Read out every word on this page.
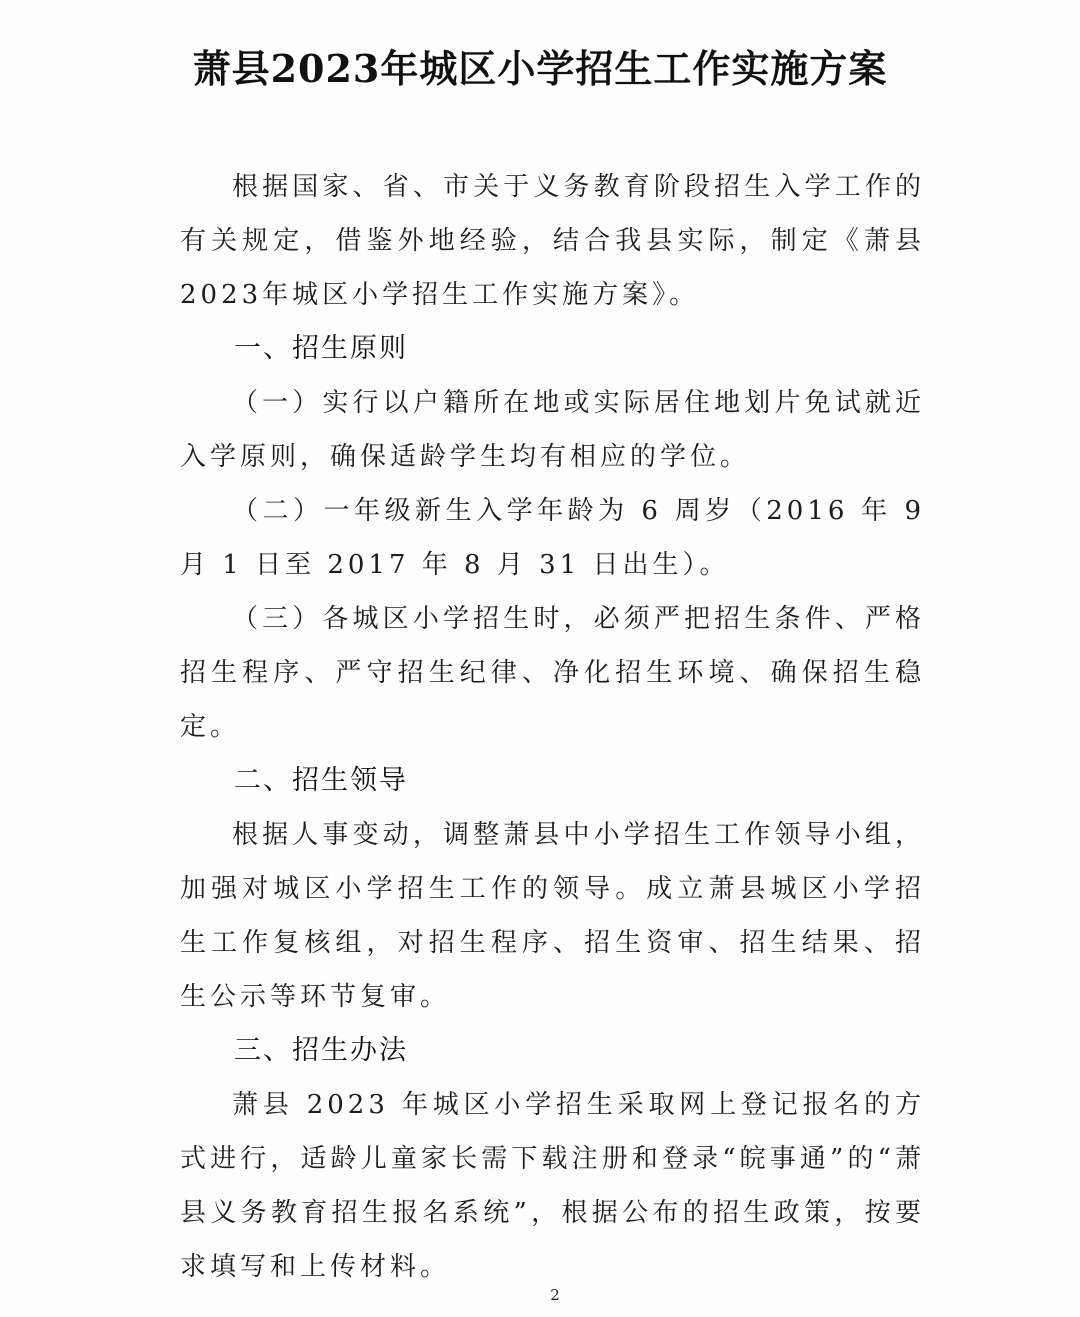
萧县2023年城区小学招生工作实施方案

根据国家、省、市关于义务教育阶段招生入学工作的有关规定，借鉴外地经验，结合我县实际，制定《萧县2023年城区小学招生工作实施方案》。

一、招生原则

（一）实行以户籍所在地或实际居住地划片免试就近入学原则，确保适龄学生均有相应的学位。

（二）一年级新生入学年龄为 6 周岁（2016 年 9 月 1 日至 2017 年 8 月 31 日出生）。

（三）各城区小学招生时，必须严把招生条件、严格招生程序、严守招生纪律、净化招生环境、确保招生稳定。

二、招生领导

根据人事变动，调整萧县中小学招生工作领导小组，加强对城区小学招生工作的领导。成立萧县城区小学招生工作复核组，对招生程序、招生资审、招生结果、招生公示等环节复审。

三、招生办法

萧县 2023 年城区小学招生采取网上登记报名的方式进行，适龄儿童家长需下载注册和登录“皖事通”的“萧县义务教育招生报名系统”，根据公布的招生政策，按要求填写和上传材料。

2
